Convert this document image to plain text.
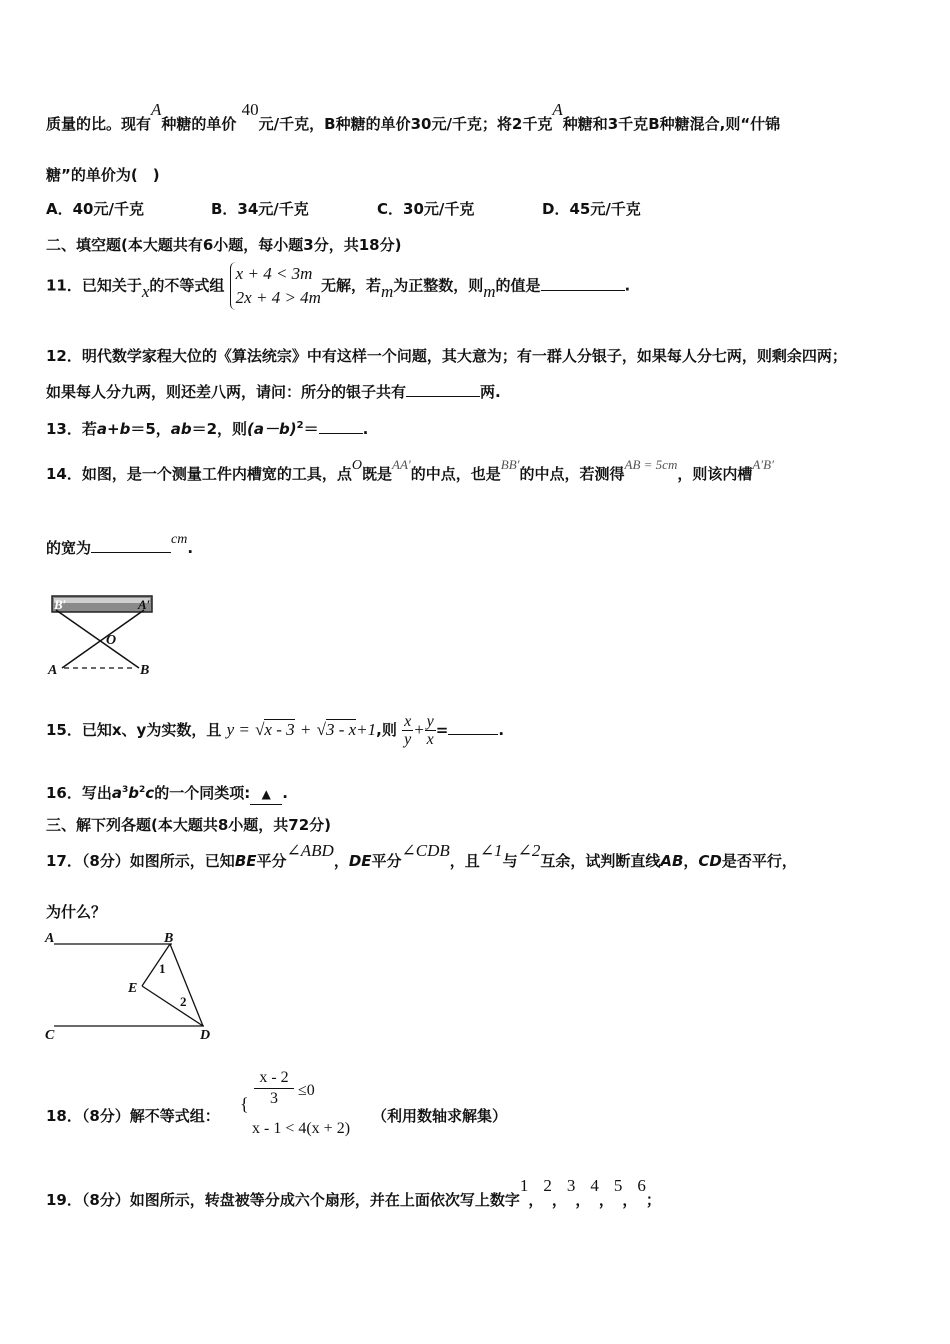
质量的比。现有A种糖的单价 40元/千克，B种糖的单价30元/千克；将2千克A种糖和3千克B种糖混合,则“什锦
糖”的单价为(　)
A．40元/千克	B．34元/千克	C．30元/千克	D．45元/千克
二、填空题(本大题共有6小题，每小题3分，共18分)
11．已知关于x的不等式组
x + 4 < 3m
2x + 4 > 4m
无解，若m为正整数，则m的值是	.
12．明代数学家程大位的《算法统宗》中有这样一个问题，其大意为；有一群人分银子，如果每人分七两，则剩余四两；
如果每人分九两，则还差八两，请问：所分的银子共有	两.
13．若a+b＝5，ab＝2，则$(a-b)^2=$	.
14．如图，是一个测量工件内槽宽的工具，点O既是AA′的中点，也是BB′的中点，若测得AB = 5cm，则该内槽A′B′
的宽为	cm.
B′	A′
O
A	B
15．已知x、y为实数，且 y = √x - 3 + √3 - x+1,则 $\frac{x}{y} + \frac{y}{x}$ =	.
16．写出$a^3b^2c$的一个同类项: ▲ .
三、解下列各题(本大题共8小题，共72分)
17．（8分）如图所示，已知BE平分∠ABD，DE平分∠CDB，且∠1与∠2互余，试判断直线AB，CD是否平行，
为什么？
A	B
E
1
2
C	D
18．（8分）解不等式组：
{
x - 2
3	≤0
x - 1 < 4(x + 2)
（利用数轴求解集）
19．（8分）如图所示，转盘被等分成六个扇形，并在上面依次写上数字1，2，3，4，5，6；
